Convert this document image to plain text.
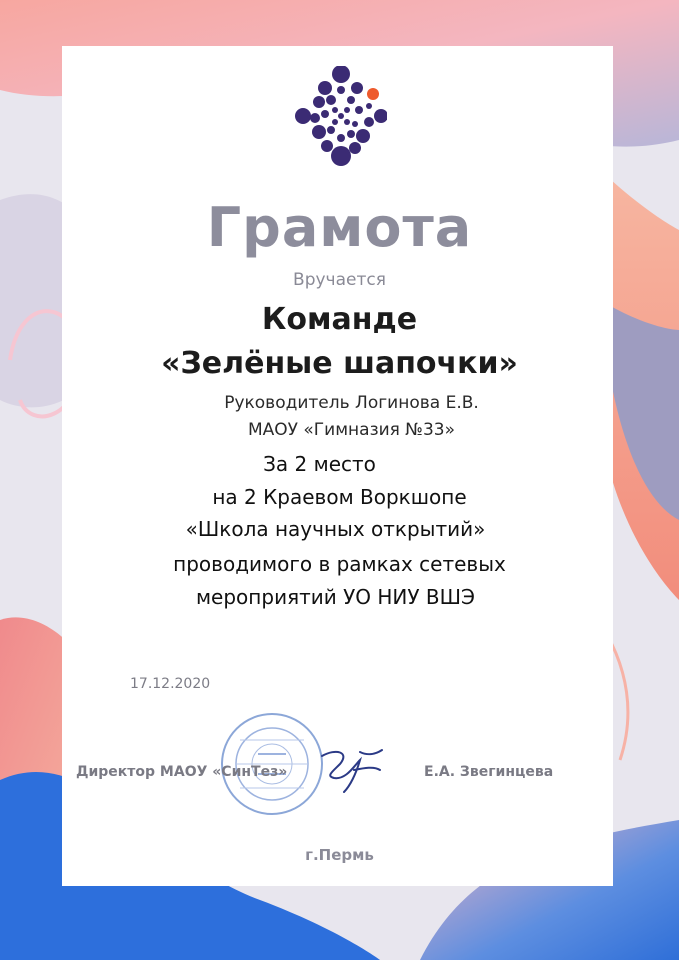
Грамота

Вручается

Команде

«Зелёные шапочки»

Руководитель Логинова Е.В.

МАОУ «Гимназия №33»

За 2 место

на 2 Краевом Воркшопе

«Школа научных открытий»

проводимого в рамках сетевых

мероприятий УО НИУ ВШЭ

17.12.2020
Директор МАОУ «СинТез»	Е.А. Звегинцева
г.Пермь
